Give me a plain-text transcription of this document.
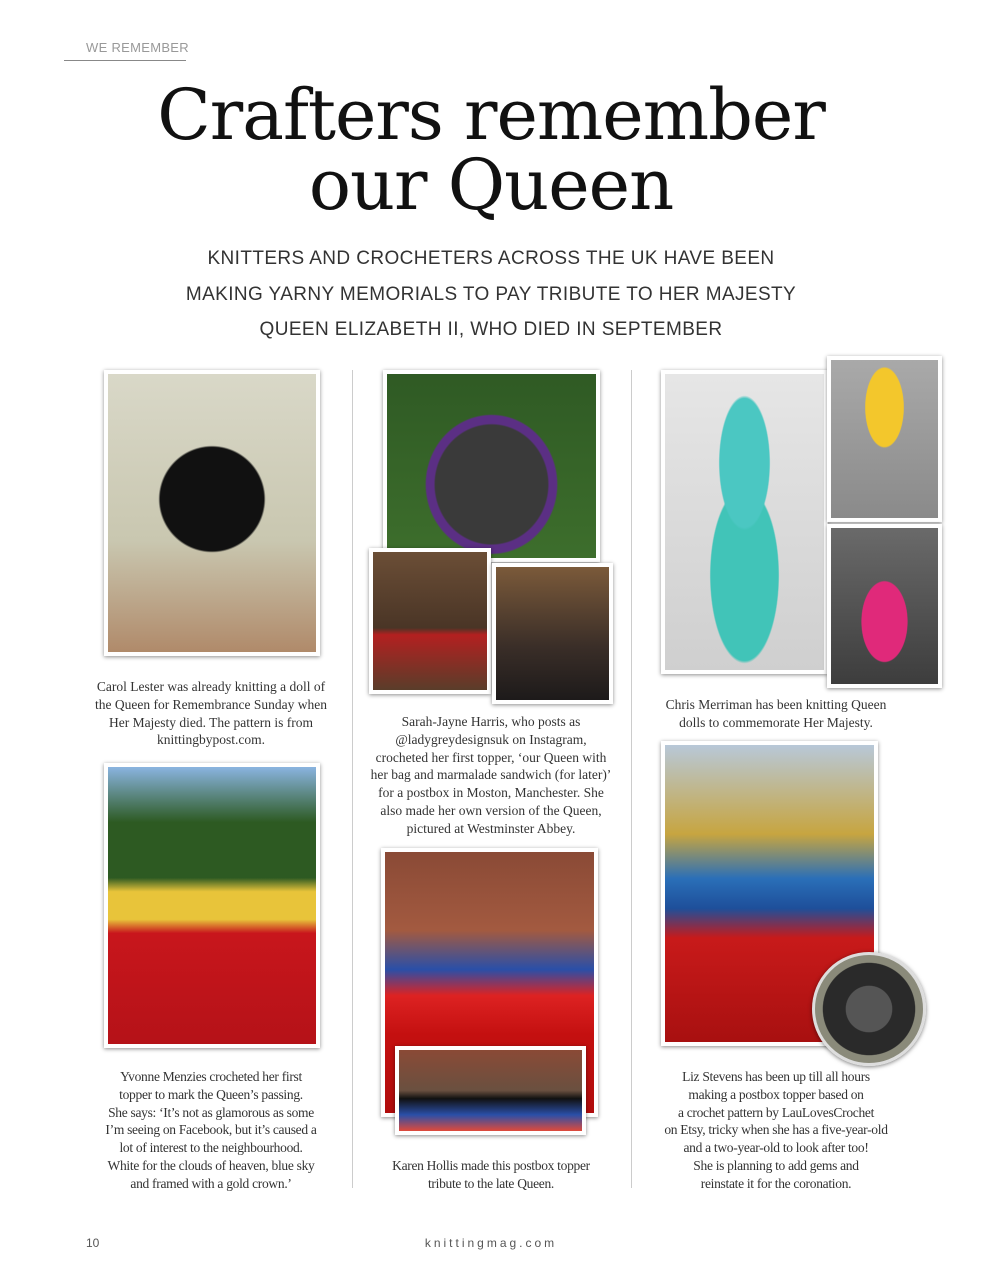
WE REMEMBER
Crafters remember
our Queen
KNITTERS AND CROCHETERS ACROSS THE UK HAVE BEEN
MAKING YARNY MEMORIALS TO PAY TRIBUTE TO HER MAJESTY
QUEEN ELIZABETH II, WHO DIED IN SEPTEMBER
Carol Lester was already knitting a doll of
the Queen for Remembrance Sunday when
Her Majesty died. The pattern is from
knittingbypost.com.
Sarah-Jayne Harris, who posts as
@ladygreydesignsuk on Instagram,
crocheted her first topper, ‘our Queen with
her bag and marmalade sandwich (for later)’
for a postbox in Moston, Manchester. She
also made her own version of the Queen,
pictured at Westminster Abbey.
Chris Merriman has been knitting Queen
dolls to commemorate Her Majesty.
Yvonne Menzies crocheted her first
topper to mark the Queen’s passing.
She says: ‘It’s not as glamorous as some
I’m seeing on Facebook, but it’s caused a
lot of interest to the neighbourhood.
White for the clouds of heaven, blue sky
and framed with a gold crown.’
Karen Hollis made this postbox topper
tribute to the late Queen.
Liz Stevens has been up till all hours
making a postbox topper based on
a crochet pattern by LauLovesCrochet
on Etsy, tricky when she has a five-year-old
and a two-year-old to look after too!
She is planning to add gems and
reinstate it for the coronation.
10	knittingmag.com
